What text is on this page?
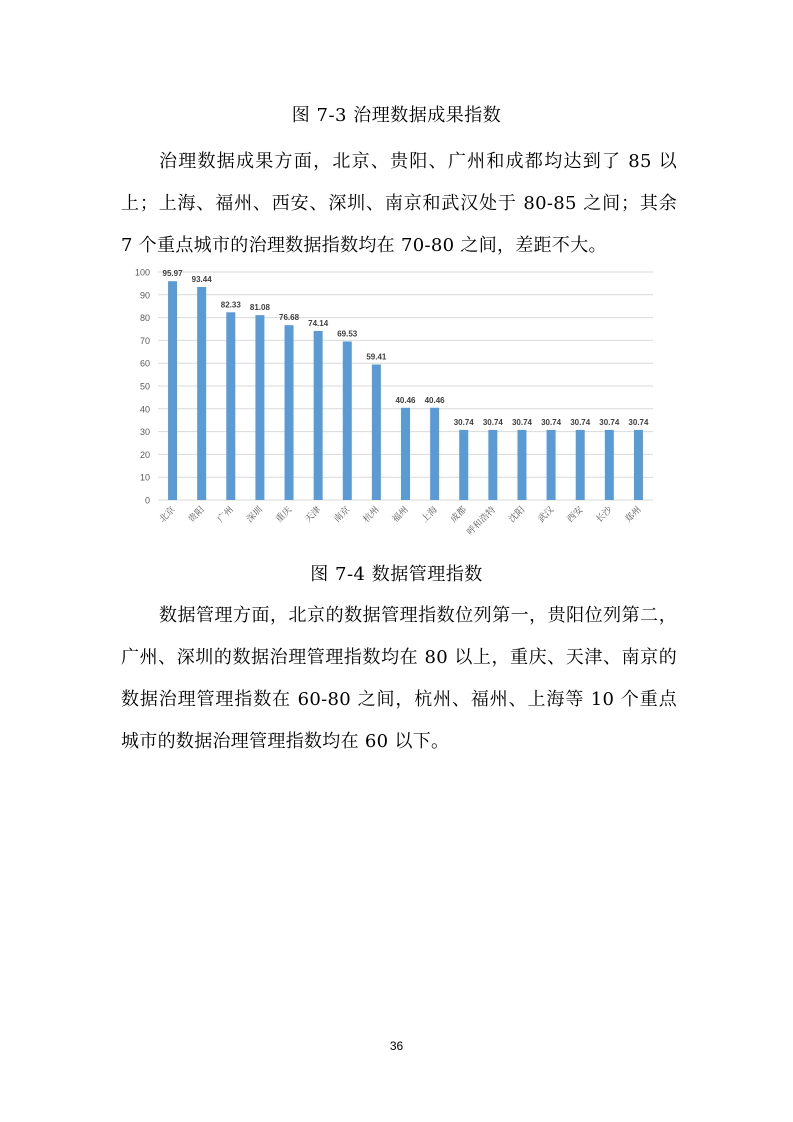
图 7-3 治理数据成果指数

治理数据成果方面，北京、贵阳、广州和成都均达到了 85 以上；上海、福州、西安、深圳、南京和武汉处于 80-85 之间；其余 7 个重点城市的治理数据指数均在 70-80 之间，差距不大。

0
10
20
30
40
50
60
70
80
90
100 95.97
北京
93.44
贵阳
82.33
广州
81.08
深圳
76.68
重庆
74.14
天津
69.53
南京
59.41
杭州
40.46
福州
40.46
上海
30.74
成都
30.74
呼和浩特
30.74
沈阳
30.74
武汉
30.74
西安
30.74
长沙
30.74
郑州
图 7-4 数据管理指数

数据管理方面，北京的数据管理指数位列第一，贵阳位列第二，广州、深圳的数据治理管理指数均在 80 以上，重庆、天津、南京的数据治理管理指数在 60-80 之间，杭州、福州、上海等 10 个重点城市的数据治理管理指数均在 60 以下。

36
